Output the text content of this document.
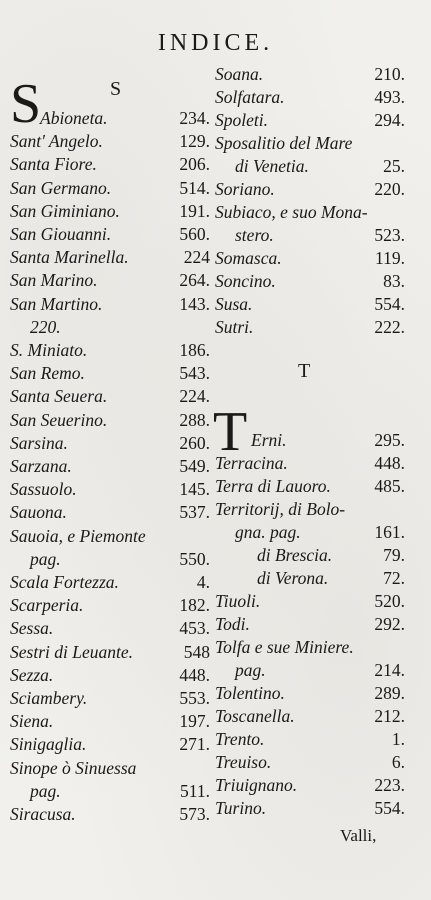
INDICE.
S
S
Abioneta.	234.
Sant' Angelo.	129.
Santa Fiore.	206.
San Germano.	514.
San Giminiano.	191.
San Giouanni.	560.
Santa Marinella.	224
San Marino.	264.
San Martino.	143.
220.
S. Miniato.	186.
San Remo.	543.
Santa Seuera.	224.
San Seuerino.	288.
Sarsina.	260.
Sarzana.	549.
Sassuolo.	145.
Sauona.	537.
Sauoia, e Piemonte
pag.	550.
Scala Fortezza.	4.
Scarperia.	182.
Sessa.	453.
Sestri di Leuante.	548
Sezza.	448.
Sciambery.	553.
Siena.	197.
Sinigaglia.	271.
Sinope ò Sinuessa
pag.	511.
Siracusa.	573.
Soana.	210.
Solfatara.	493.
Spoleti.	294.
Sposalitio del Mare
di Venetia.	25.
Soriano.	220.
Subiaco, e suo Mona-
stero.	523.
Somasca.	119.
Soncino.	83.
Susa.	554.
Sutri.	222.
T
T Erni.	295.
Terracina.	448.
Terra di Lauoro. 485.
Territorij, di Bolo-
gna. pag.	161.
di Brescia.	79.
di Verona.	72.
Tiuoli.	520.
Todi.	292.
Tolfa e sue Miniere.
pag.	214.
Tolentino.	289.
Toscanella.	212.
Trento.	1.
Treuiso.	6.
Triuignano.	223.
Turino.	554.
Valli,
